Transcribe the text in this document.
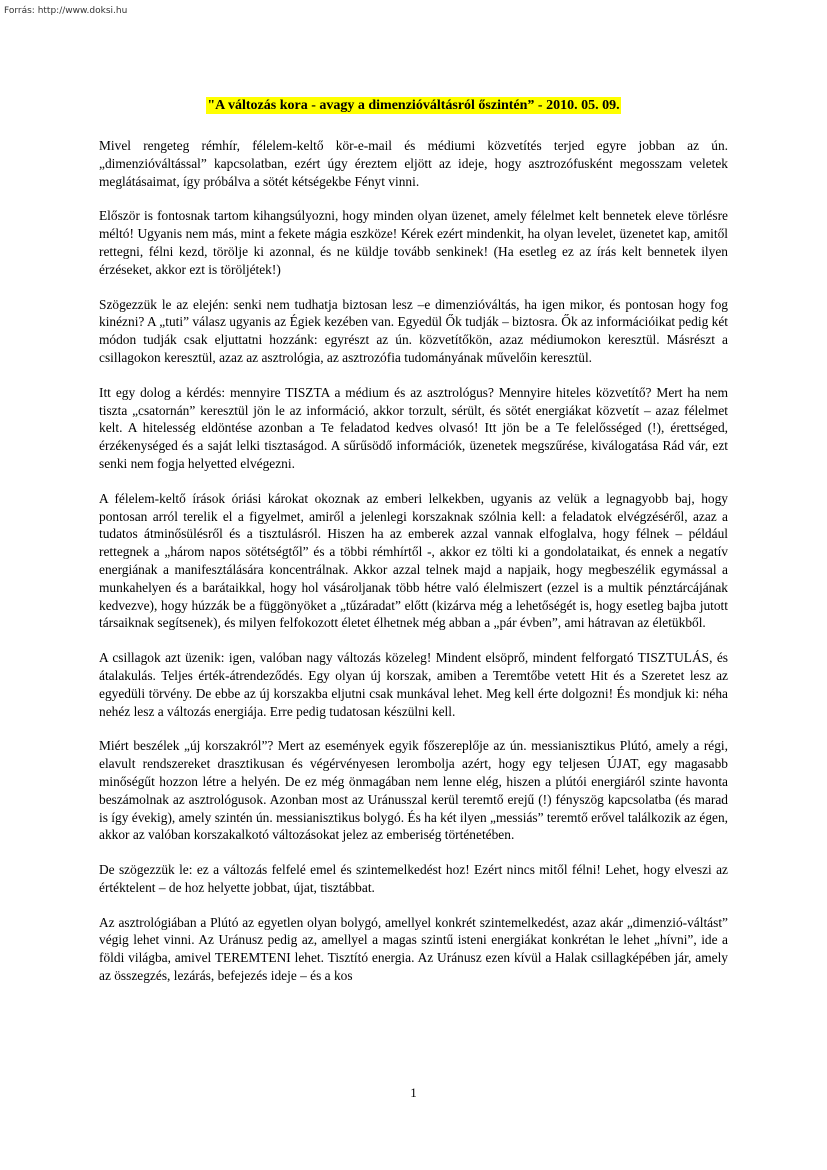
Forrás: http://www.doksi.hu
"A változás kora - avagy a dimenzióváltásról őszintén” - 2010. 05. 09.

Mivel rengeteg rémhír, félelem-keltő kör-e-mail és médiumi közvetítés terjed egyre jobban az ún. „dimenzióváltással” kapcsolatban, ezért úgy éreztem eljött az ideje, hogy asztrozófusként megosszam veletek meglátásaimat, így próbálva a sötét kétségekbe Fényt vinni.

Először is fontosnak tartom kihangsúlyozni, hogy minden olyan üzenet, amely félelmet kelt bennetek eleve törlésre méltó! Ugyanis nem más, mint a fekete mágia eszköze! Kérek ezért mindenkit, ha olyan levelet, üzenetet kap, amitől rettegni, félni kezd, törölje ki azonnal, és ne küldje tovább senkinek! (Ha esetleg ez az írás kelt bennetek ilyen érzéseket, akkor ezt is töröljétek!)

Szögezzük le az elején: senki nem tudhatja biztosan lesz –e dimenzióváltás, ha igen mikor, és pontosan hogy fog kinézni? A „tuti” válasz ugyanis az Égiek kezében van. Egyedül Ők tudják – biztosra. Ők az információikat pedig két módon tudják csak eljuttatni hozzánk: egyrészt az ún. közvetítőkön, azaz médiumokon keresztül. Másrészt a csillagokon keresztül, azaz az asztrológia, az asztrozófia tudományának művelőin keresztül.

Itt egy dolog a kérdés: mennyire TISZTA a médium és az asztrológus? Mennyire hiteles közvetítő? Mert ha nem tiszta „csatornán” keresztül jön le az információ, akkor torzult, sérült, és sötét energiákat közvetít – azaz félelmet kelt. A hitelesség eldöntése azonban a Te feladatod kedves olvasó! Itt jön be a Te felelősséged (!), érettséged, érzékenységed és a saját lelki tisztaságod. A sűrűsödő információk, üzenetek megszűrése, kiválogatása Rád vár, ezt senki nem fogja helyetted elvégezni.

A félelem-keltő írások óriási károkat okoznak az emberi lelkekben, ugyanis az velük a legnagyobb baj, hogy pontosan arról terelik el a figyelmet, amiről a jelenlegi korszaknak szólnia kell: a feladatok elvégzéséről, azaz a tudatos átminősülésről és a tisztulásról. Hiszen ha az emberek azzal vannak elfoglalva, hogy félnek – például rettegnek a „három napos sötétségtől” és a többi rémhírtől -, akkor ez tölti ki a gondolataikat, és ennek a negatív energiának a manifesztálására koncentrálnak. Akkor azzal telnek majd a napjaik, hogy megbeszélik egymással a munkahelyen és a barátaikkal, hogy hol vásároljanak több hétre való élelmiszert (ezzel is a multik pénztárcájának kedvezve), hogy húzzák be a függönyöket a „tűzáradat” előtt (kizárva még a lehetőségét is, hogy esetleg bajba jutott társaiknak segítsenek), és milyen felfokozott életet élhetnek még abban a „pár évben”, ami hátravan az életükből.

A csillagok azt üzenik: igen, valóban nagy változás közeleg! Mindent elsöprő, mindent felforgató TISZTULÁS, és átalakulás. Teljes érték-átrendeződés. Egy olyan új korszak, amiben a Teremtőbe vetett Hit és a Szeretet lesz az egyedüli törvény. De ebbe az új korszakba eljutni csak munkával lehet. Meg kell érte dolgozni! És mondjuk ki: néha nehéz lesz a változás energiája. Erre pedig tudatosan készülni kell.

Miért beszélek „új korszakról”? Mert az események egyik főszereplője az ún. messianisztikus Plútó, amely a régi, elavult rendszereket drasztikusan és végérvényesen lerombolja azért, hogy egy teljesen ÚJAT, egy magasabb minőségűt hozzon létre a helyén. De ez még önmagában nem lenne elég, hiszen a plútói energiáról szinte havonta beszámolnak az asztrológusok. Azonban most az Uránusszal kerül teremtő erejű (!) fényszög kapcsolatba (és marad is így évekig), amely szintén ún. messianisztikus bolygó. És ha két ilyen „messiás” teremtő erővel találkozik az égen, akkor az valóban korszakalkotó változásokat jelez az emberiség történetében.

De szögezzük le: ez a változás felfelé emel és szintemelkedést hoz! Ezért nincs mitől félni! Lehet, hogy elveszi az értéktelent – de hoz helyette jobbat, újat, tisztábbat.

Az asztrológiában a Plútó az egyetlen olyan bolygó, amellyel konkrét szintemelkedést, azaz akár „dimenzió-váltást” végig lehet vinni. Az Uránusz pedig az, amellyel a magas szintű isteni energiákat konkrétan le lehet „hívni”, ide a földi világba, amivel TEREMTENI lehet. Tisztító energia. Az Uránusz ezen kívül a Halak csillagképében jár, amely az összegzés, lezárás, befejezés ideje – és a kos

1
